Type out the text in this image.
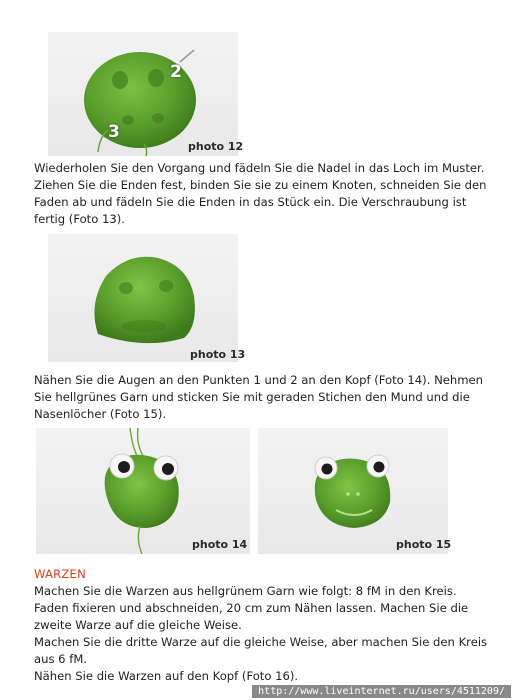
2
3
photo 12

Wiederholen Sie den Vorgang und fädeln Sie die Nadel in das Loch im Muster. Ziehen Sie die Enden fest, binden Sie sie zu einem Knoten, schneiden Sie den Faden ab und fädeln Sie die Enden in das Stück ein. Die Verschraubung ist fertig (Foto 13).

photo 13

Nähen Sie die Augen an den Punkten 1 und 2 an den Kopf (Foto 14). Nehmen Sie hellgrünes Garn und sticken Sie mit geraden Stichen den Mund und die Nasenlöcher (Foto 15).

photo 14	photo 15
WARZEN

Machen Sie die Warzen aus hellgrünem Garn wie folgt: 8 fM in den Kreis.

Faden fixieren und abschneiden, 20 cm zum Nähen lassen. Machen Sie die zweite Warze auf die gleiche Weise.

Machen Sie die dritte Warze auf die gleiche Weise, aber machen Sie den Kreis aus 6 fM.

Nähen Sie die Warzen auf den Kopf (Foto 16).

http://www.liveinternet.ru/users/4511209/
